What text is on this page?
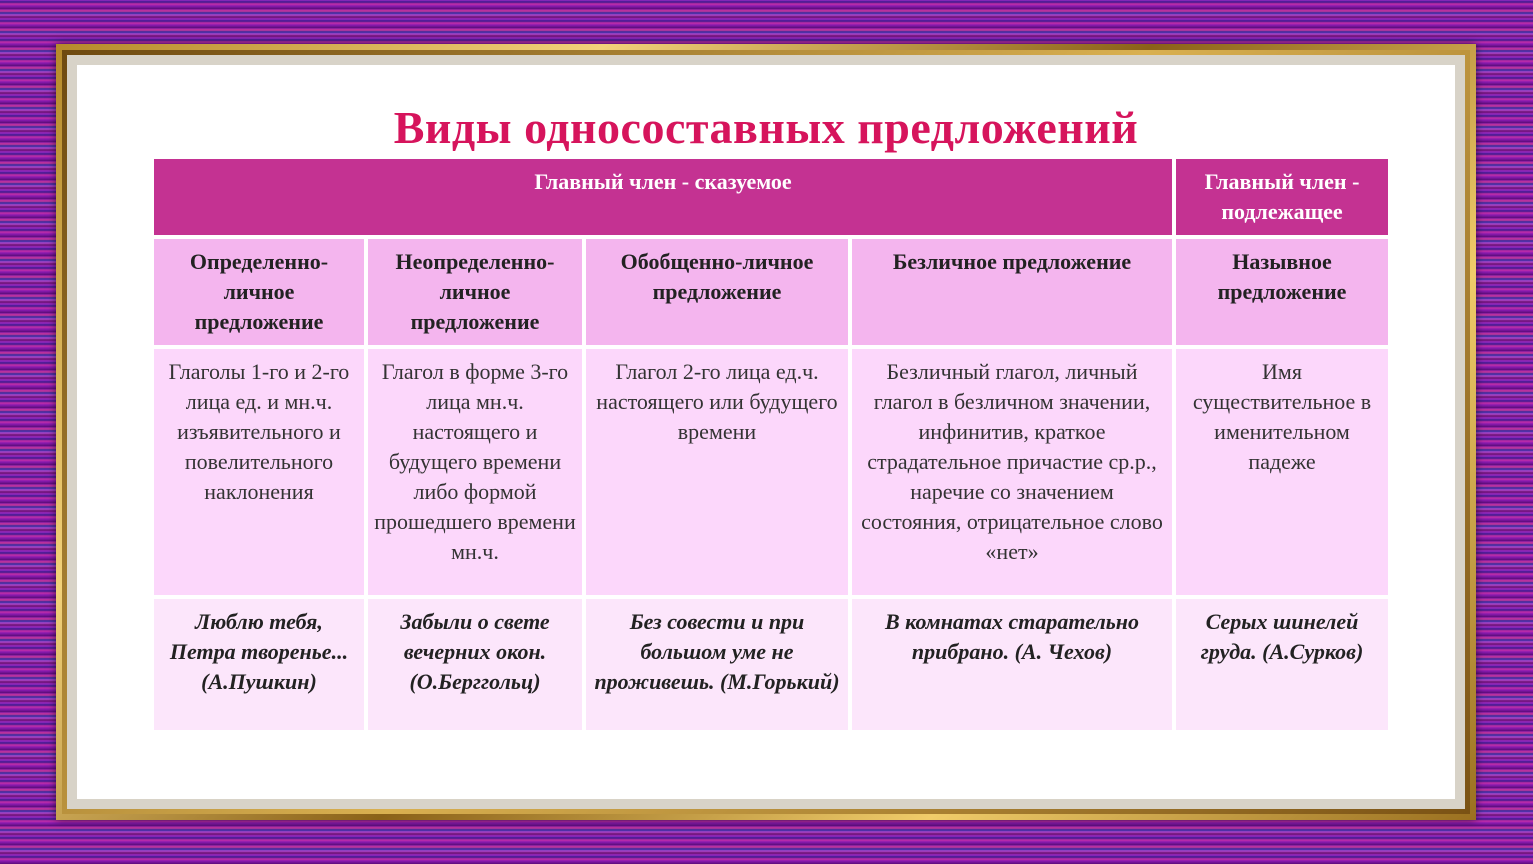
Виды односоставных предложений
Главный член - сказуемое				Главный член - подлежащее
Определенно-личное предложение	Неопределенно-личное предложение	Обобщенно-личное предложение	Безличное предложение	Назывное предложение
Глаголы 1-го и 2-го лица ед. и мн.ч. изъявительного и повелительного наклонения	Глагол в форме 3-го лица мн.ч. настоящего и будущего времени либо формой прошедшего времени мн.ч.	Глагол 2-го лица ед.ч. настоящего или будущего времени	Безличный глагол, личный глагол в безличном значении, инфинитив, краткое страдательное причастие ср.р., наречие со значением состояния, отрицательное слово «нет»	Имя существительное в именительном падеже
Люблю тебя, Петра творенье... (А.Пушкин)	Забыли о свете вечерних окон. (О.Берггольц)	Без совести и при большом уме не проживешь. (М.Горький)	В комнатах старательно прибрано. (А. Чехов)	Серых шинелей груда. (А.Сурков)
